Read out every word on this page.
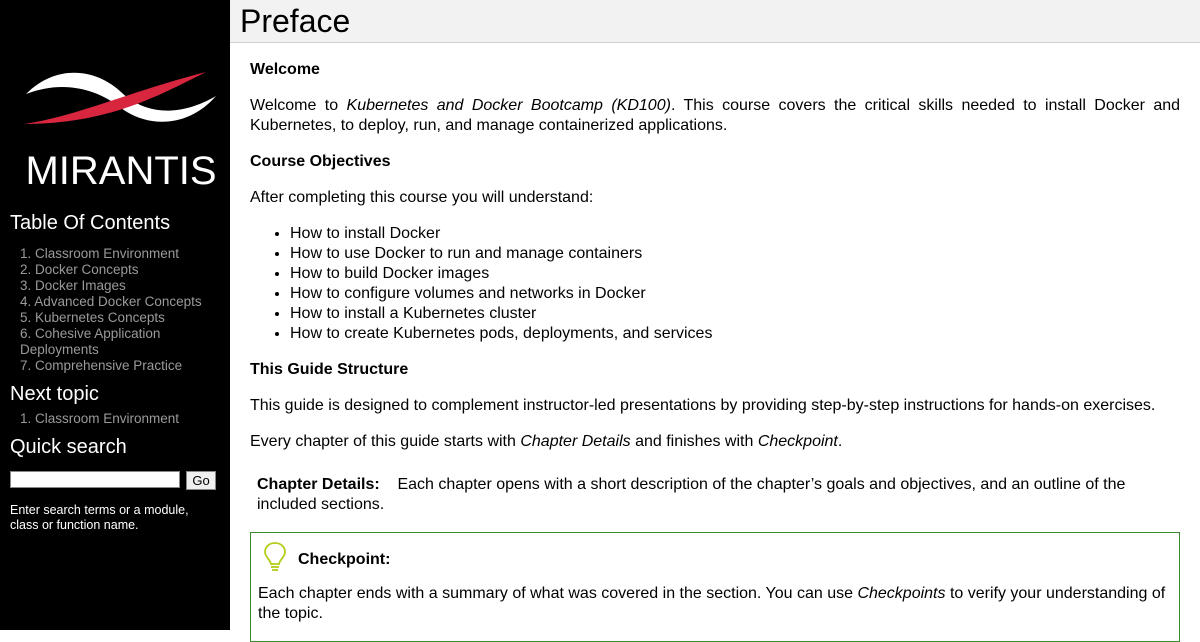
MIRANTIS
Table Of Contents
1. Classroom Environment
2. Docker Concepts
3. Docker Images
4. Advanced Docker Concepts
5. Kubernetes Concepts
6. Cohesive Application Deployments
7. Comprehensive Practice
Next topic
1. Classroom Environment
Quick search
Go
Enter search terms or a module, class or function name.
Preface

Welcome

Welcome to Kubernetes and Docker Bootcamp (KD100). This course covers the critical skills needed to install Docker and Kubernetes, to deploy, run, and manage containerized applications.

Course Objectives

After completing this course you will understand:

• How to install Docker
• How to use Docker to run and manage containers
• How to build Docker images
• How to configure volumes and networks in Docker
• How to install a Kubernetes cluster
• How to create Kubernetes pods, deployments, and services

This Guide Structure

This guide is designed to complement instructor-led presentations by providing step-by-step instructions for hands-on exercises.

Every chapter of this guide starts with Chapter Details and finishes with Checkpoint.

Chapter Details: Each chapter opens with a short description of the chapter’s goals and objectives, and an outline of the included sections.

Checkpoint:

Each chapter ends with a summary of what was covered in the section. You can use Checkpoints to verify your understanding of the topic.
